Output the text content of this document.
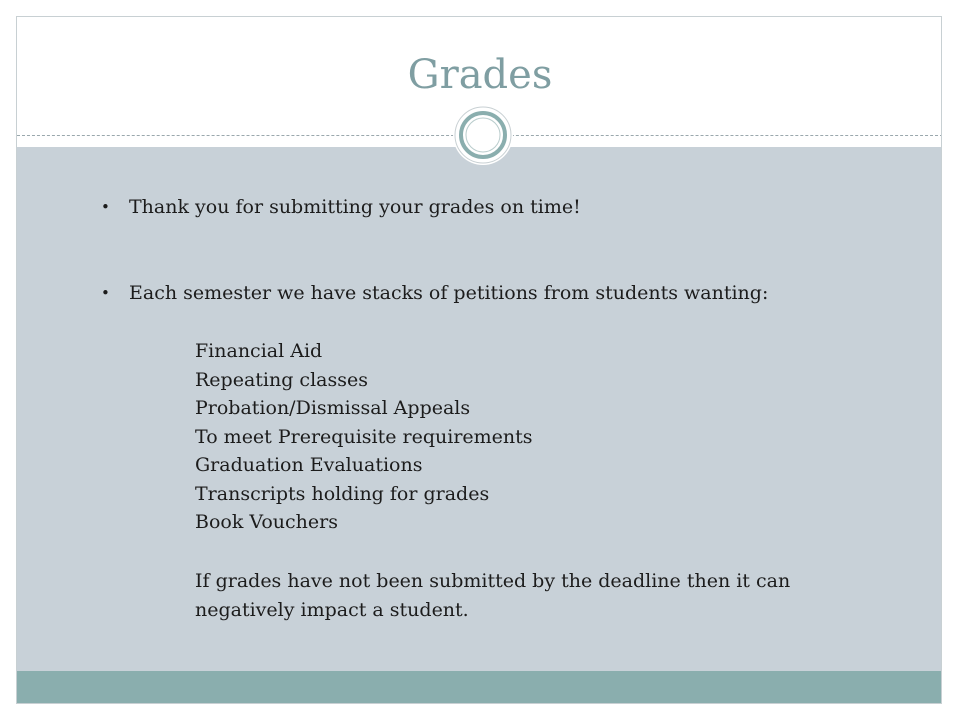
Grades
• Thank you for submitting your grades on time!
• Each semester we have stacks of petitions from students wanting:
Financial Aid
Repeating classes
Probation/Dismissal Appeals
To meet Prerequisite requirements
Graduation Evaluations
Transcripts holding for grades
Book Vouchers
If grades have not been submitted by the deadline then it can
negatively impact a student.
